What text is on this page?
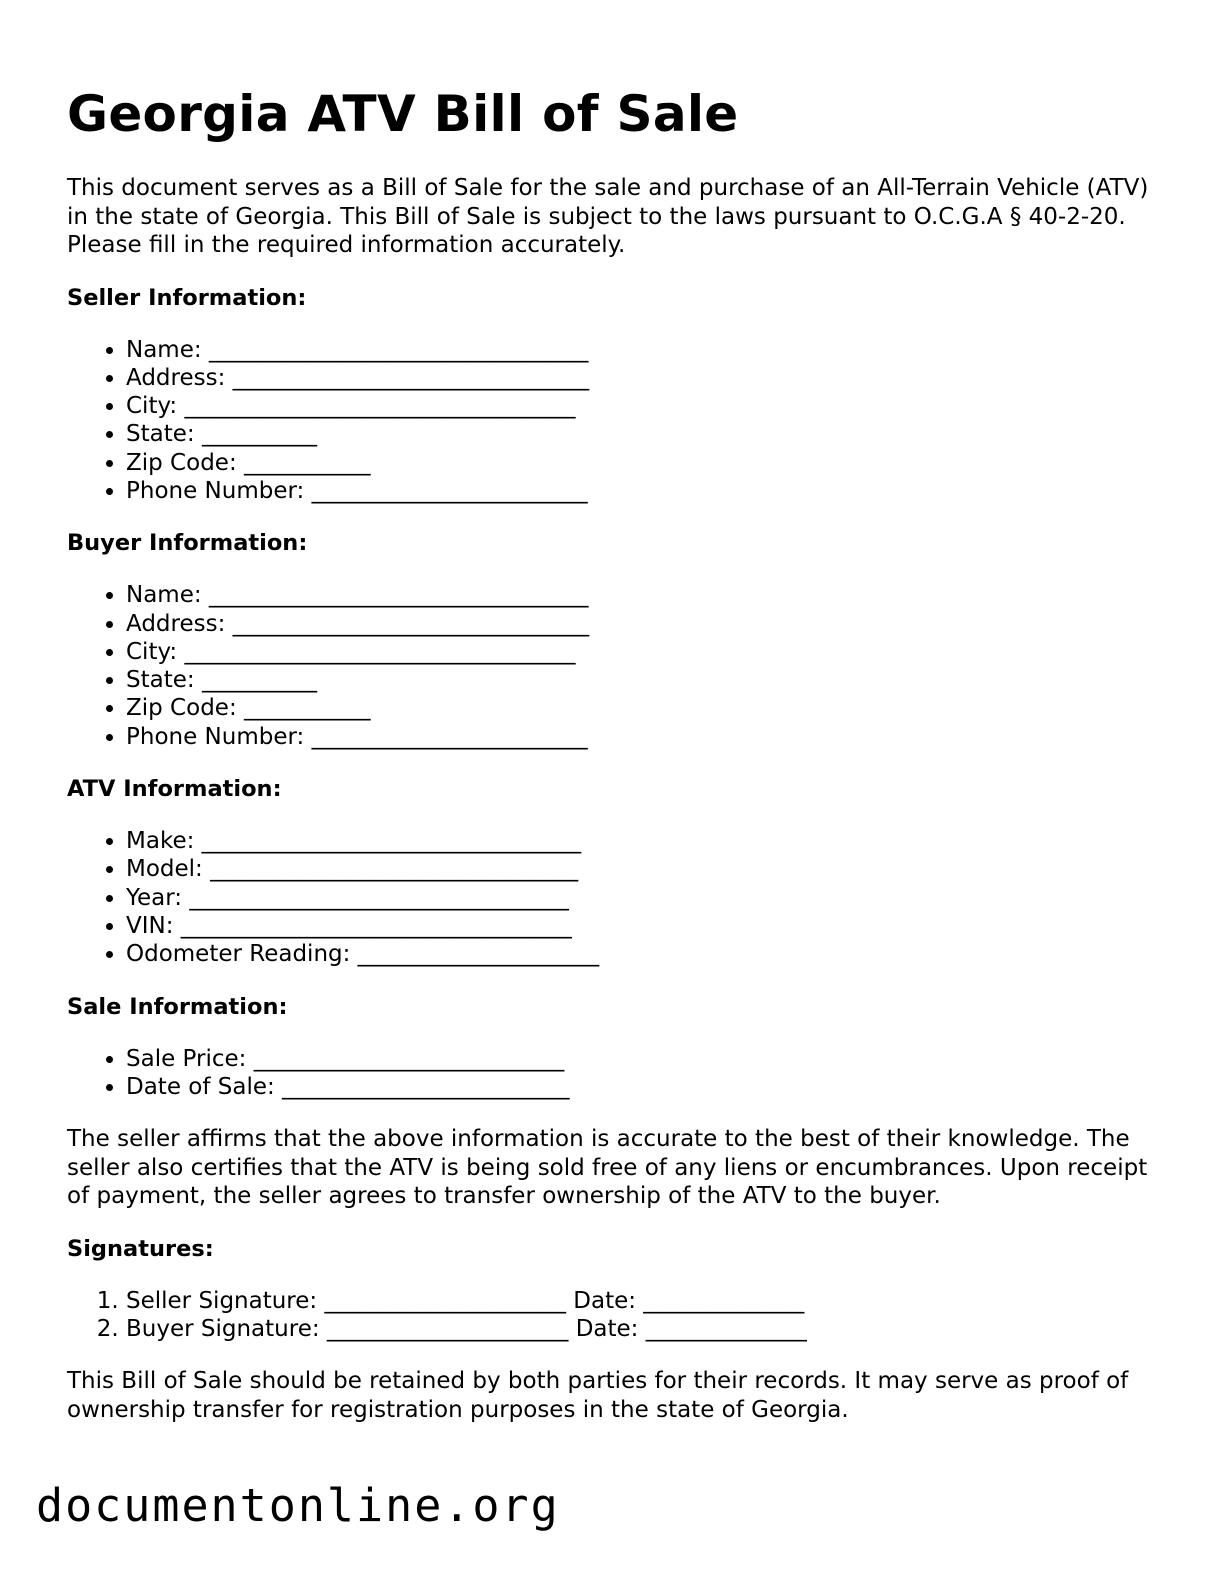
Georgia ATV Bill of Sale

This document serves as a Bill of Sale for the sale and purchase of an All-Terrain Vehicle (ATV) in the state of Georgia. This Bill of Sale is subject to the laws pursuant to O.C.G.A § 40-2-20. Please fill in the required information accurately.

Seller Information:
• Name: _________________________________
• Address: _______________________________
• City: __________________________________
• State: __________
• Zip Code: ___________
• Phone Number: ________________________
Buyer Information:
• Name: _________________________________
• Address: _______________________________
• City: __________________________________
• State: __________
• Zip Code: ___________
• Phone Number: ________________________
ATV Information:
• Make: _________________________________
• Model: ________________________________
• Year: _________________________________
• VIN: __________________________________
• Odometer Reading: _____________________
Sale Information:
• Sale Price: ___________________________
• Date of Sale: _________________________

The seller affirms that the above information is accurate to the best of their knowledge. The seller also certifies that the ATV is being sold free of any liens or encumbrances. Upon receipt of payment, the seller agrees to transfer ownership of the ATV to the buyer.

Signatures:
1. Seller Signature: _____________________ Date: ______________
2. Buyer Signature: _____________________ Date: ______________

This Bill of Sale should be retained by both parties for their records. It may serve as proof of ownership transfer for registration purposes in the state of Georgia.

documentonline.org
